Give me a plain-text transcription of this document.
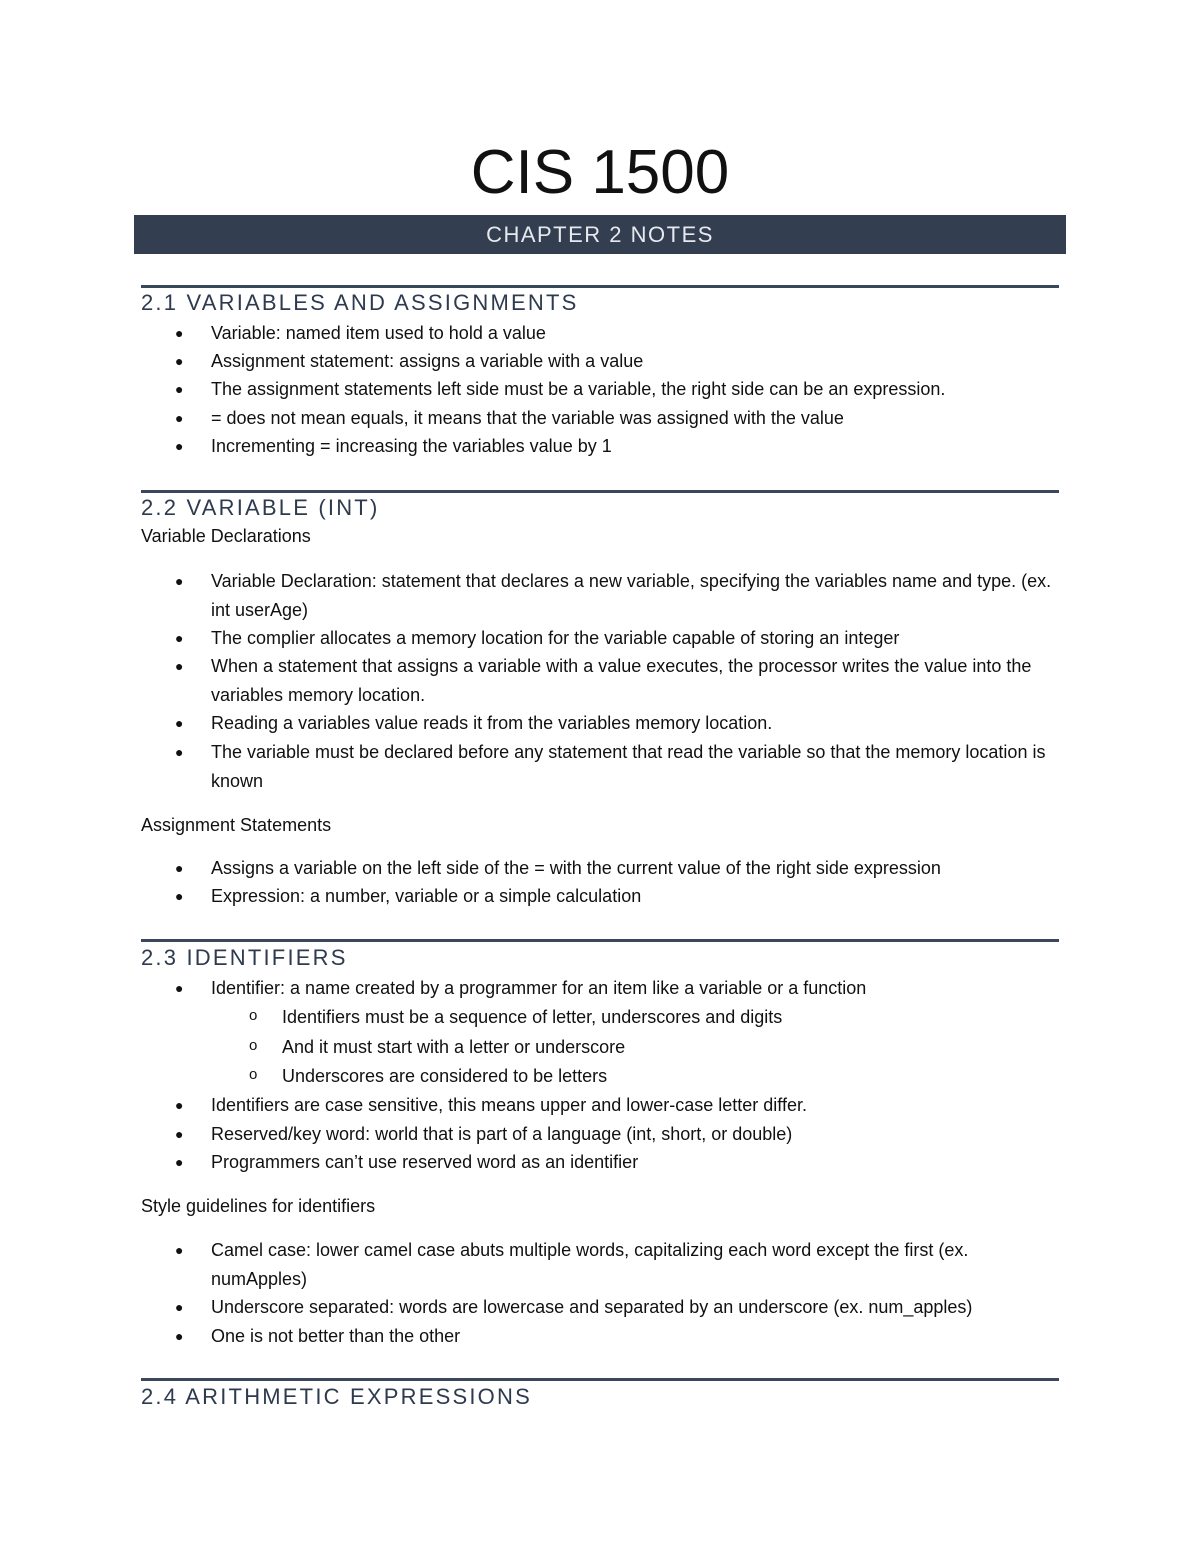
CIS 1500
CHAPTER 2 NOTES
2.1 VARIABLES AND ASSIGNMENTS
● Variable: named item used to hold a value
● Assignment statement: assigns a variable with a value
● The assignment statements left side must be a variable, the right side can be an expression.
● = does not mean equals, it means that the variable was assigned with the value
● Incrementing = increasing the variables value by 1
2.2 VARIABLE (INT)
Variable Declarations
● Variable Declaration: statement that declares a new variable, specifying the variables name and type. (ex. int userAge)
● The complier allocates a memory location for the variable capable of storing an integer
● When a statement that assigns a variable with a value executes, the processor writes the value into the variables memory location.
● Reading a variables value reads it from the variables memory location.
● The variable must be declared before any statement that read the variable so that the memory location is known
Assignment Statements
● Assigns a variable on the left side of the = with the current value of the right side expression
● Expression: a number, variable or a simple calculation
2.3 IDENTIFIERS
● Identifier: a name created by a programmer for an item like a variable or a function
o Identifiers must be a sequence of letter, underscores and digits
o And it must start with a letter or underscore
o Underscores are considered to be letters
● Identifiers are case sensitive, this means upper and lower-case letter differ.
● Reserved/key word: world that is part of a language (int, short, or double)
● Programmers can’t use reserved word as an identifier
Style guidelines for identifiers
● Camel case: lower camel case abuts multiple words, capitalizing each word except the first (ex. numApples)
● Underscore separated: words are lowercase and separated by an underscore (ex. num_apples)
● One is not better than the other
2.4 ARITHMETIC EXPRESSIONS
